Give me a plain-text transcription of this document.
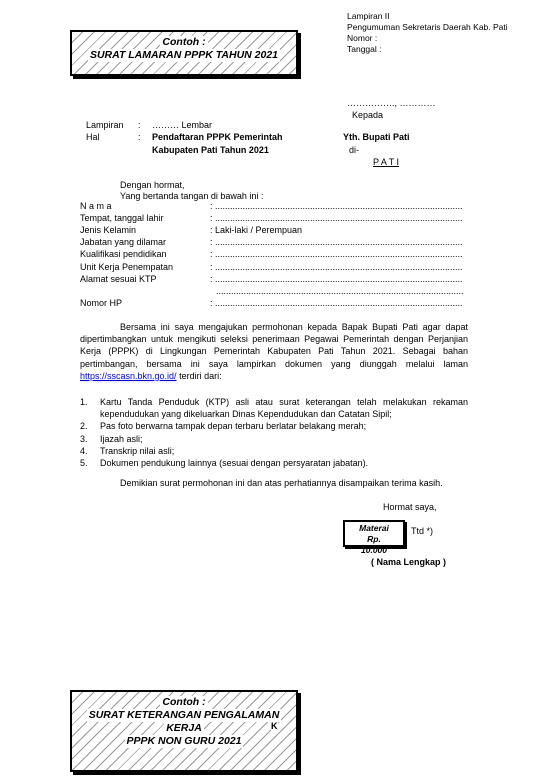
Contoh :
SURAT LAMARAN PPPK TAHUN 2021
Lampiran II
Pengumuman Sekretaris Daerah Kab. Pati
Nomor :
Tanggal :
……………., …………
Kepada
Lampiran : ……… Lembar
Hal	: Pendaftaran PPPK Pemerintah
Kabupaten Pati Tahun 2021
Yth. Bupati Pati
di-
P A T I
Dengan hormat,
Yang bertanda tangan di bawah ini :
N a m a	: ...................................................................................................
Tempat, tanggal lahir	: ...................................................................................................
Jenis Kelamin	: Laki-laki / Perempuan
Jabatan yang dilamar	: ...................................................................................................
Kualifikasi pendidikan	: ...................................................................................................
Unit Kerja Penempatan	: ...................................................................................................
Alamat sesuai KTP	: ...................................................................................................
...................................................................................................
Nomor HP	: ...................................................................................................
Bersama ini saya mengajukan permohonan kepada Bapak Bupati Pati agar dapat dipertimbangkan untuk mengikuti seleksi penerimaan Pegawai Pemerintah dengan Perjanjian Kerja (PPPK) di Lingkungan Pemerintah Kabupaten Pati Tahun 2021. Sebagai bahan pertimbangan, bersama ini saya lampirkan dokumen yang diunggah melalui laman https://sscasn.bkn.go.id/ terdiri dari:
1. Kartu Tanda Penduduk (KTP) asli atau surat keterangan telah melakukan rekaman kependudukan yang dikeluarkan Dinas Kependudukan dan Catatan Sipil;
2. Pas foto berwarna tampak depan terbaru berlatar belakang merah;
3. Ijazah asli;
4. Transkrip nilai asli;
5. Dokumen pendukung lainnya (sesuai dengan persyaratan jabatan).
Demikian surat permohonan ini dan atas perhatiannya disampaikan terima kasih.
Hormat saya,
Materai
Rp.
10.000
Ttd *)
( Nama Lengkap )
Contoh :
SURAT KETERANGAN PENGALAMAN
KERJA
PPPK NON GURU 2021
K
